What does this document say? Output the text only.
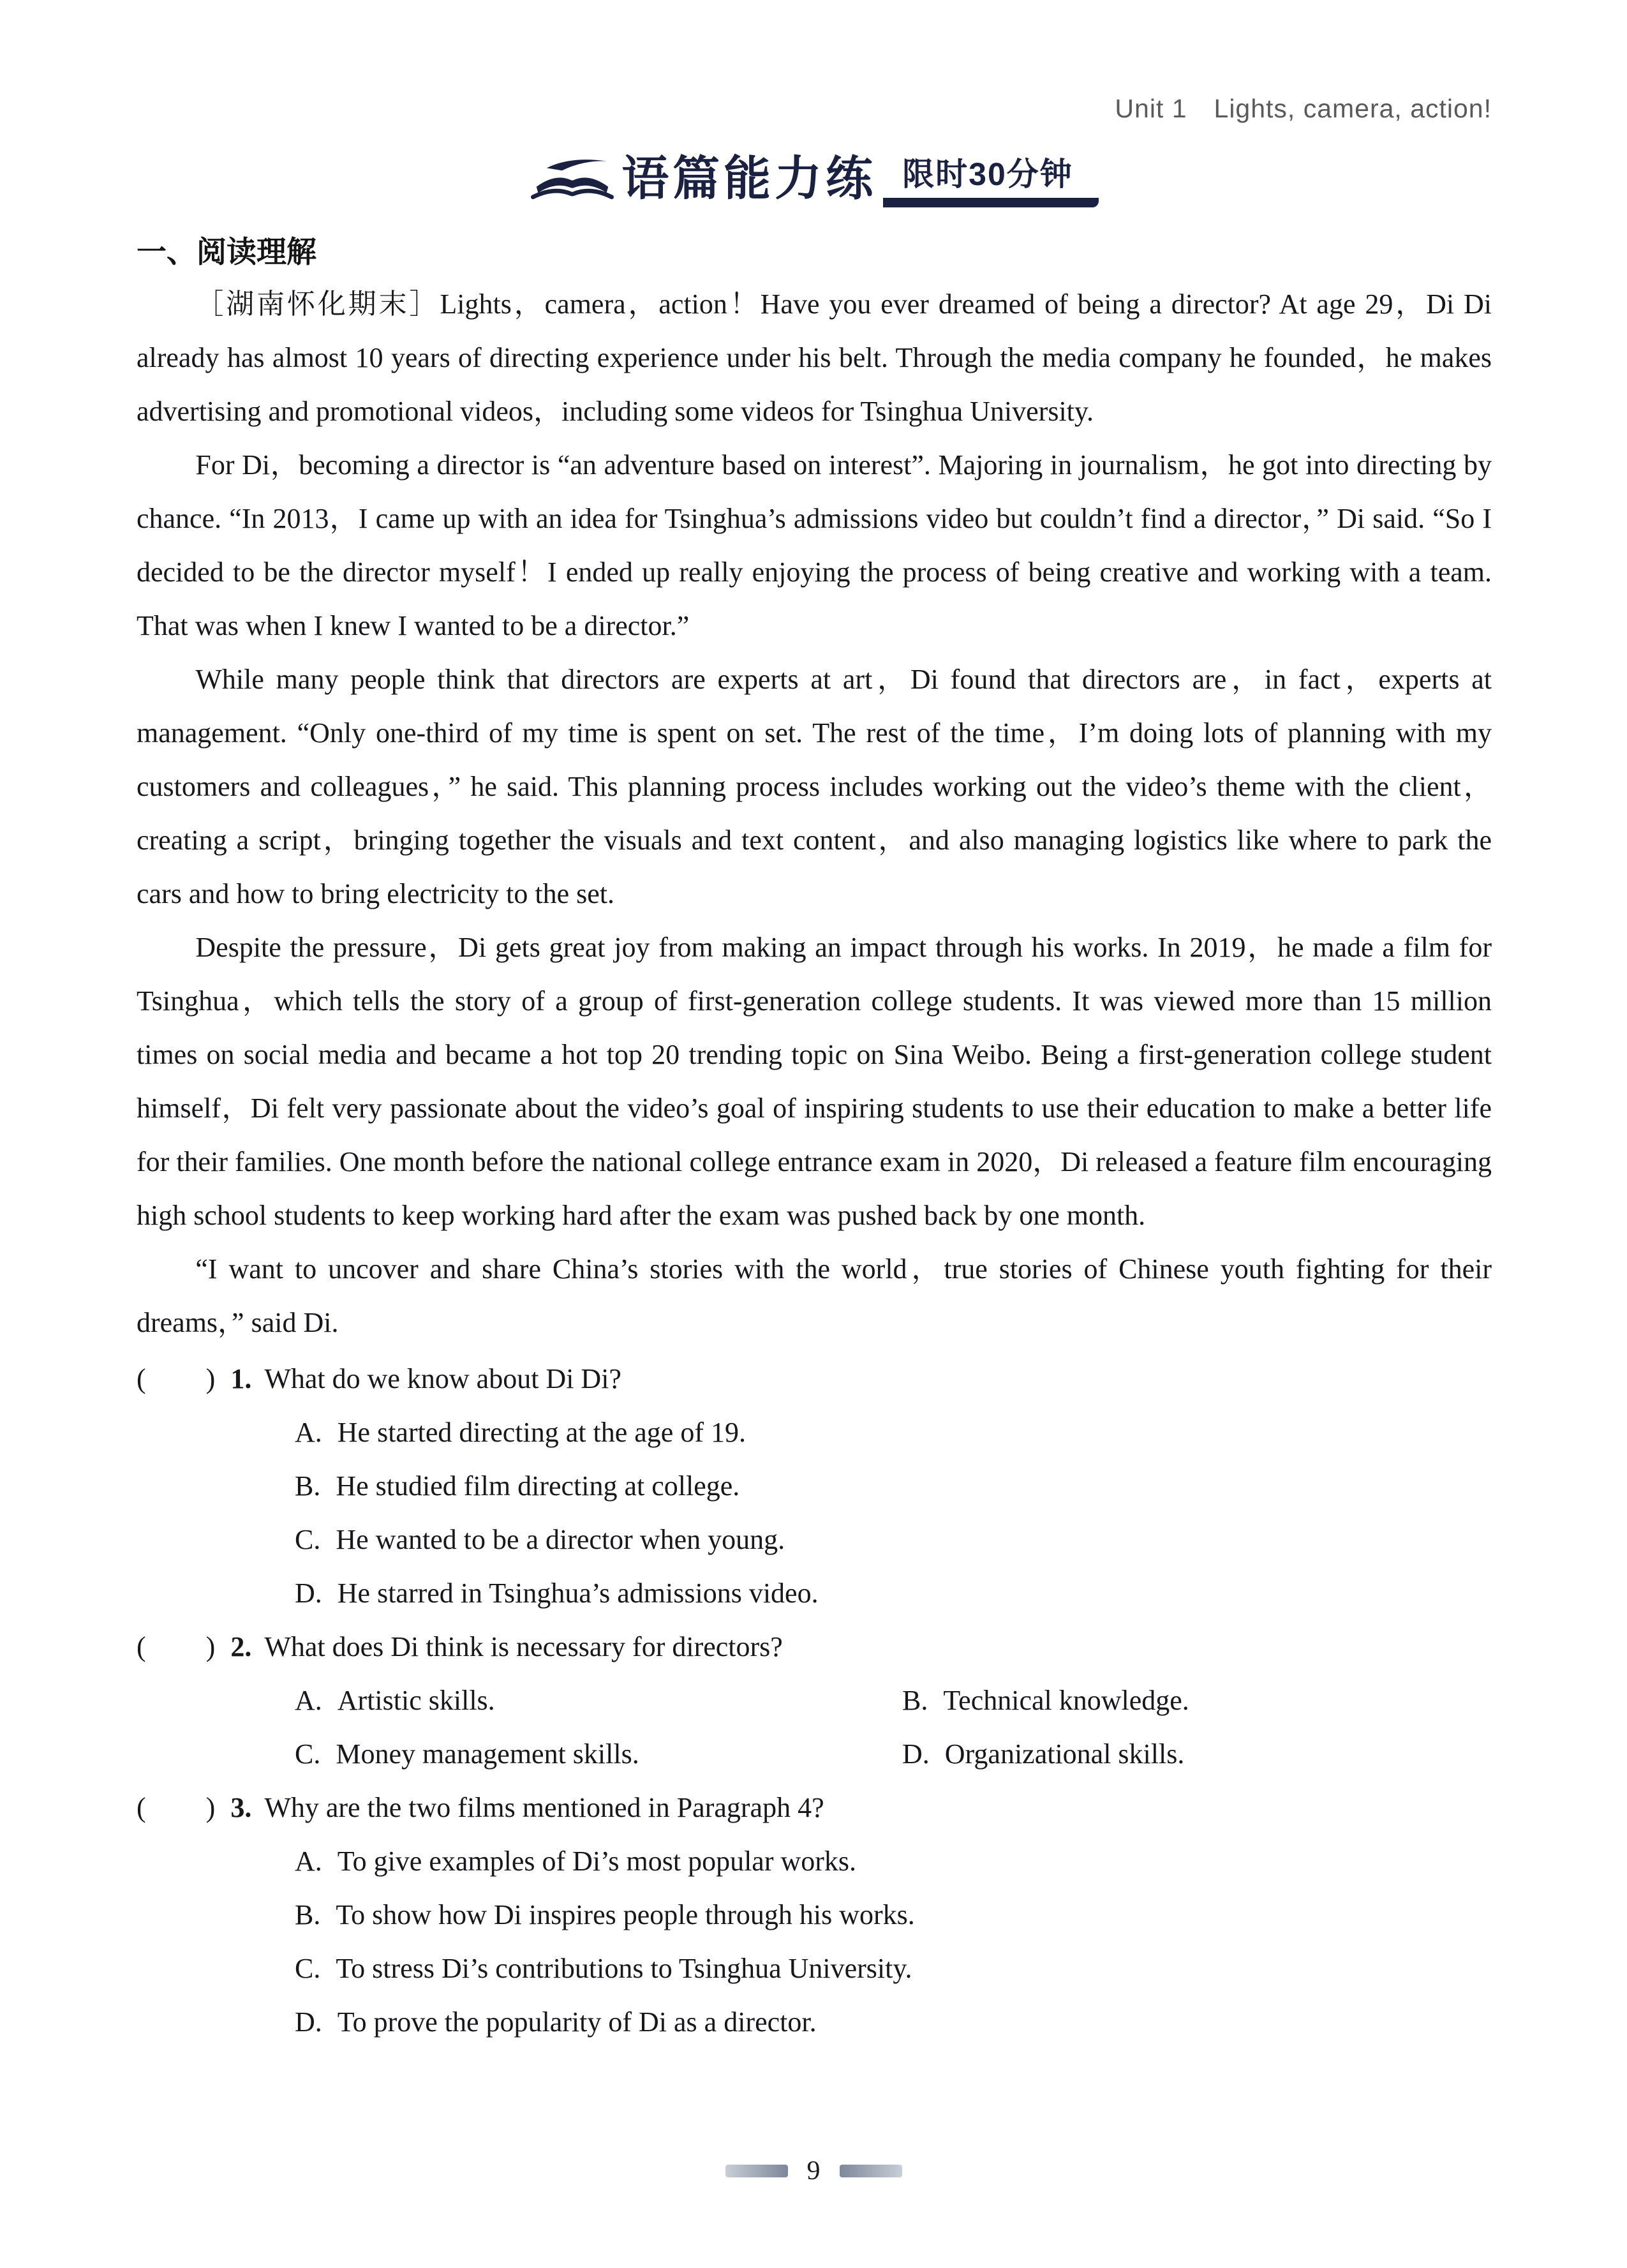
Unit 1　Lights, camera, action!
语篇能力练 限时30分钟
一、阅读理解

［湖南怀化期末］Lights，camera，action！Have you ever dreamed of being a director? At age 29，Di Di already has almost 10 years of directing experience under his belt. Through the media company he founded，he makes advertising and promotional videos，including some videos for Tsinghua University.

For Di，becoming a director is “an adventure based on interest”. Majoring in journalism，he got into directing by chance. “In 2013，I came up with an idea for Tsinghua’s admissions video but couldn’t find a director，” Di said. “So I decided to be the director myself！I ended up really enjoying the process of being creative and working with a team. That was when I knew I wanted to be a director.”

While many people think that directors are experts at art，Di found that directors are，in fact，experts at management. “Only one-third of my time is spent on set. The rest of the time，I’m doing lots of planning with my customers and colleagues，” he said. This planning process includes working out the video’s theme with the client，creating a script，bringing together the visuals and text content，and also managing logistics like where to park the cars and how to bring electricity to the set.

Despite the pressure，Di gets great joy from making an impact through his works. In 2019，he made a film for Tsinghua，which tells the story of a group of first-generation college students. It was viewed more than 15 million times on social media and became a hot top 20 trending topic on Sina Weibo. Being a first-generation college student himself，Di felt very passionate about the video’s goal of inspiring students to use their education to make a better life for their families. One month before the national college entrance exam in 2020，Di released a feature film encouraging high school students to keep working hard after the exam was pushed back by one month.

“I want to uncover and share China’s stories with the world，true stories of Chinese youth fighting for their dreams，” said Di.

(　　) 1. What do we know about Di Di?
A. He started directing at the age of 19.
B. He studied film directing at college.
C. He wanted to be a director when young.
D. He starred in Tsinghua’s admissions video.
(　　) 2. What does Di think is necessary for directors?
A. Artistic skills.	B. Technical knowledge.
C. Money management skills.	D. Organizational skills.
(　　) 3. Why are the two films mentioned in Paragraph 4?
A. To give examples of Di’s most popular works.
B. To show how Di inspires people through his works.
C. To stress Di’s contributions to Tsinghua University.
D. To prove the popularity of Di as a director.
9
